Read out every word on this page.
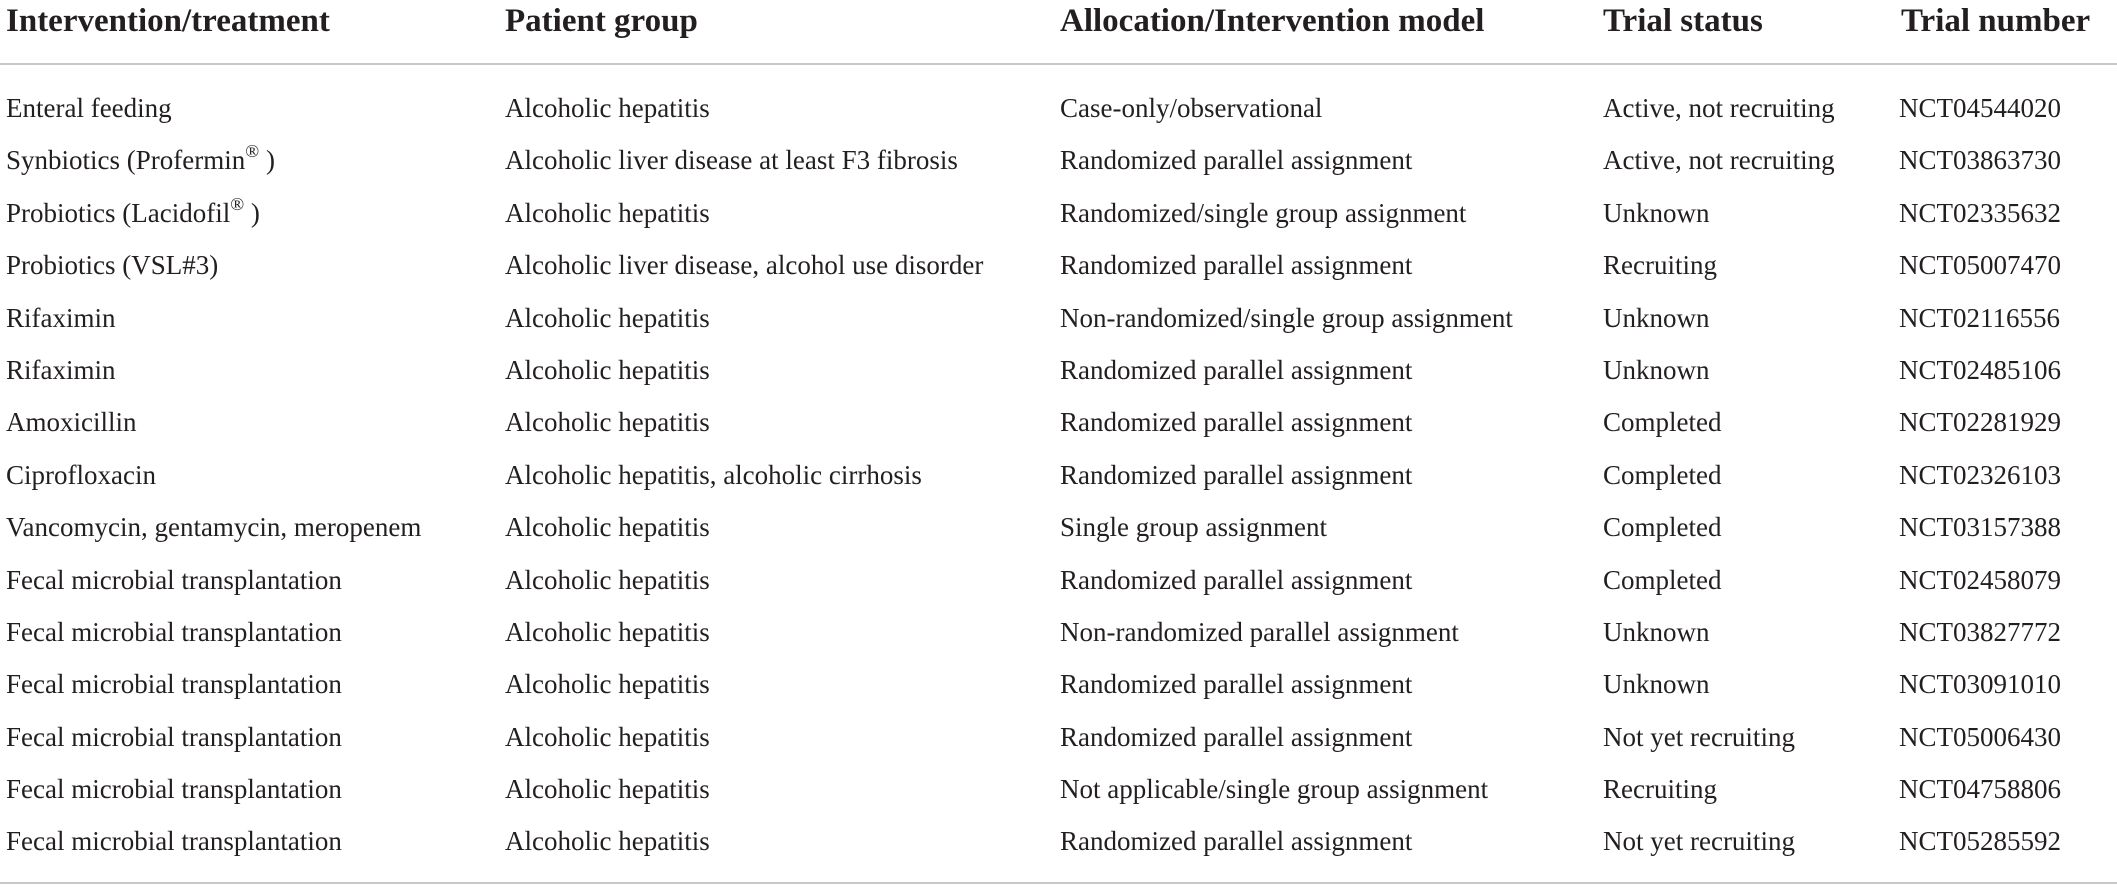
Intervention/treatment	Patient group	Allocation/Intervention model	Trial status	Trial number
Enteral feeding	Alcoholic hepatitis	Case-only/observational	Active, not recruiting NCT04544020
Synbiotics (Profermin® )	Alcoholic liver disease at least F3 fibrosis	Randomized parallel assignment	Active, not recruiting NCT03863730
Probiotics (Lacidofil® )	Alcoholic hepatitis	Randomized/single group assignment	Unknown	NCT02335632
Probiotics (VSL#3)	Alcoholic liver disease, alcohol use disorder	Randomized parallel assignment	Recruiting	NCT05007470
Rifaximin	Alcoholic hepatitis	Non-randomized/single group assignment	Unknown	NCT02116556
Rifaximin	Alcoholic hepatitis	Randomized parallel assignment	Unknown	NCT02485106
Amoxicillin	Alcoholic hepatitis	Randomized parallel assignment	Completed	NCT02281929
Ciprofloxacin	Alcoholic hepatitis, alcoholic cirrhosis	Randomized parallel assignment	Completed	NCT02326103
Vancomycin, gentamycin, meropenem	Alcoholic hepatitis	Single group assignment	Completed	NCT03157388
Fecal microbial transplantation	Alcoholic hepatitis	Randomized parallel assignment	Completed	NCT02458079
Fecal microbial transplantation	Alcoholic hepatitis	Non-randomized parallel assignment	Unknown	NCT03827772
Fecal microbial transplantation	Alcoholic hepatitis	Randomized parallel assignment	Unknown	NCT03091010
Fecal microbial transplantation	Alcoholic hepatitis	Randomized parallel assignment	Not yet recruiting	NCT05006430
Fecal microbial transplantation	Alcoholic hepatitis	Not applicable/single group assignment	Recruiting	NCT04758806
Fecal microbial transplantation	Alcoholic hepatitis	Randomized parallel assignment	Not yet recruiting	NCT05285592
